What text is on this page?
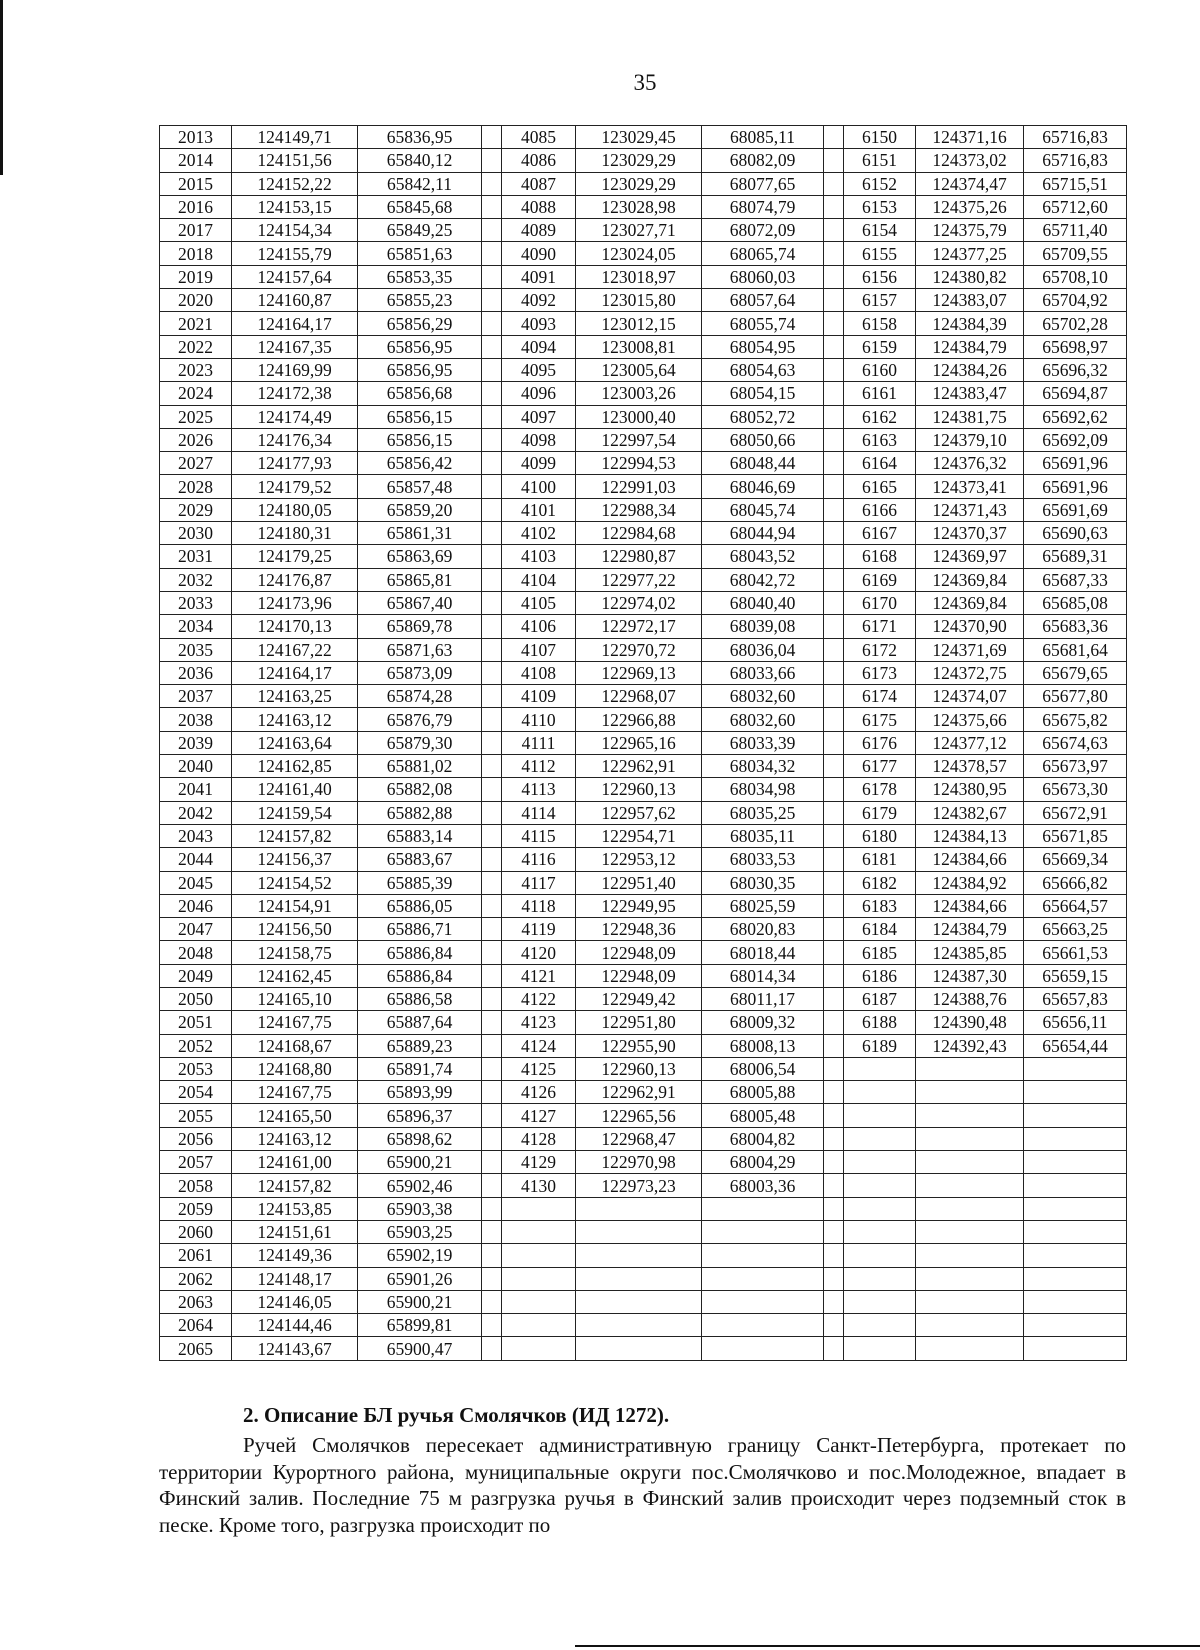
35
2013	124149,71	65836,95		4085	123029,45	68085,11		6150	124371,16	65716,83
2014	124151,56	65840,12		4086	123029,29	68082,09		6151	124373,02	65716,83
2015	124152,22	65842,11		4087	123029,29	68077,65		6152	124374,47	65715,51
2016	124153,15	65845,68		4088	123028,98	68074,79		6153	124375,26	65712,60
2017	124154,34	65849,25		4089	123027,71	68072,09		6154	124375,79	65711,40
2018	124155,79	65851,63		4090	123024,05	68065,74		6155	124377,25	65709,55
2019	124157,64	65853,35		4091	123018,97	68060,03		6156	124380,82	65708,10
2020	124160,87	65855,23		4092	123015,80	68057,64		6157	124383,07	65704,92
2021	124164,17	65856,29		4093	123012,15	68055,74		6158	124384,39	65702,28
2022	124167,35	65856,95		4094	123008,81	68054,95		6159	124384,79	65698,97
2023	124169,99	65856,95		4095	123005,64	68054,63		6160	124384,26	65696,32
2024	124172,38	65856,68		4096	123003,26	68054,15		6161	124383,47	65694,87
2025	124174,49	65856,15		4097	123000,40	68052,72		6162	124381,75	65692,62
2026	124176,34	65856,15		4098	122997,54	68050,66		6163	124379,10	65692,09
2027	124177,93	65856,42		4099	122994,53	68048,44		6164	124376,32	65691,96
2028	124179,52	65857,48		4100	122991,03	68046,69		6165	124373,41	65691,96
2029	124180,05	65859,20		4101	122988,34	68045,74		6166	124371,43	65691,69
2030	124180,31	65861,31		4102	122984,68	68044,94		6167	124370,37	65690,63
2031	124179,25	65863,69		4103	122980,87	68043,52		6168	124369,97	65689,31
2032	124176,87	65865,81		4104	122977,22	68042,72		6169	124369,84	65687,33
2033	124173,96	65867,40		4105	122974,02	68040,40		6170	124369,84	65685,08
2034	124170,13	65869,78		4106	122972,17	68039,08		6171	124370,90	65683,36
2035	124167,22	65871,63		4107	122970,72	68036,04		6172	124371,69	65681,64
2036	124164,17	65873,09		4108	122969,13	68033,66		6173	124372,75	65679,65
2037	124163,25	65874,28		4109	122968,07	68032,60		6174	124374,07	65677,80
2038	124163,12	65876,79		4110	122966,88	68032,60		6175	124375,66	65675,82
2039	124163,64	65879,30		4111	122965,16	68033,39		6176	124377,12	65674,63
2040	124162,85	65881,02		4112	122962,91	68034,32		6177	124378,57	65673,97
2041	124161,40	65882,08		4113	122960,13	68034,98		6178	124380,95	65673,30
2042	124159,54	65882,88		4114	122957,62	68035,25		6179	124382,67	65672,91
2043	124157,82	65883,14		4115	122954,71	68035,11		6180	124384,13	65671,85
2044	124156,37	65883,67		4116	122953,12	68033,53		6181	124384,66	65669,34
2045	124154,52	65885,39		4117	122951,40	68030,35		6182	124384,92	65666,82
2046	124154,91	65886,05		4118	122949,95	68025,59		6183	124384,66	65664,57
2047	124156,50	65886,71		4119	122948,36	68020,83		6184	124384,79	65663,25
2048	124158,75	65886,84		4120	122948,09	68018,44		6185	124385,85	65661,53
2049	124162,45	65886,84		4121	122948,09	68014,34		6186	124387,30	65659,15
2050	124165,10	65886,58		4122	122949,42	68011,17		6187	124388,76	65657,83
2051	124167,75	65887,64		4123	122951,80	68009,32		6188	124390,48	65656,11
2052	124168,67	65889,23		4124	122955,90	68008,13		6189	124392,43	65654,44
2053	124168,80	65891,74		4125	122960,13	68006,54				
2054	124167,75	65893,99		4126	122962,91	68005,88				
2055	124165,50	65896,37		4127	122965,56	68005,48				
2056	124163,12	65898,62		4128	122968,47	68004,82				
2057	124161,00	65900,21		4129	122970,98	68004,29				
2058	124157,82	65902,46		4130	122973,23	68003,36				
2059	124153,85	65903,38								
2060	124151,61	65903,25								
2061	124149,36	65902,19								
2062	124148,17	65901,26								
2063	124146,05	65900,21								
2064	124144,46	65899,81								
2065	124143,67	65900,47								
2. Описание БЛ ручья Смолячков (ИД 1272).

Ручей Смолячков пересекает административную границу Санкт-Петербурга, протекает по территории Курортного района, муниципальные округи пос.Смолячково и пос.Молодежное, впадает в Финский залив. Последние 75 м разгрузка ручья в Финский залив происходит через подземный сток в песке. Кроме того, разгрузка происходит по
